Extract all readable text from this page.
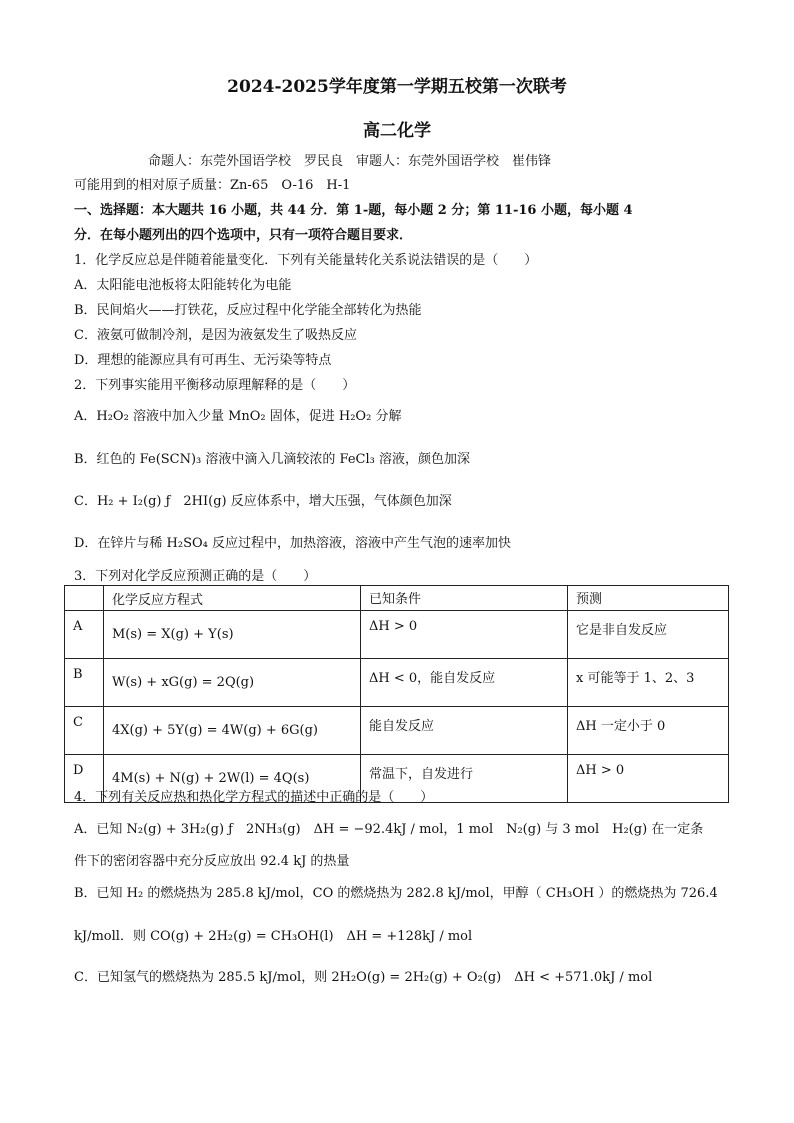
2024-2025学年度第一学期五校第一次联考
高二化学
命题人：东莞外国语学校　罗民良　审题人：东莞外国语学校　崔伟锋
可能用到的相对原子质量：Zn-65　O-16　H-1
一、选择题：本大题共 16 小题，共 44 分．第 1-题，每小题 2 分；第 11-16 小题，每小题 4
分．在每小题列出的四个选项中，只有一项符合题目要求．
1．化学反应总是伴随着能量变化．下列有关能量转化关系说法错误的是（　　）
A．太阳能电池板将太阳能转化为电能
B．民间焰火——打铁花，反应过程中化学能全部转化为热能
C．液氨可做制冷剂，是因为液氨发生了吸热反应
D．理想的能源应具有可再生、无污染等特点
2．下列事实能用平衡移动原理解释的是（　　）
A．H₂O₂ 溶液中加入少量 MnO₂ 固体，促进 H₂O₂ 分解
B．红色的 Fe(SCN)₃ 溶液中滴入几滴较浓的 FeCl₃ 溶液，颜色加深
C．H₂ + I₂(g) ƒ　2HI(g) 反应体系中，增大压强，气体颜色加深
D．在锌片与稀 H₂SO₄ 反应过程中，加热溶液，溶液中产生气泡的速率加快
3．下列对化学反应预测正确的是（　　）
	化学反应方程式	已知条件	预测
A	M(s) = X(g) + Y(s)	ΔH > 0	它是非自发反应
B	W(s) + xG(g) = 2Q(g)	ΔH < 0，能自发反应	x 可能等于 1、2、3
C	4X(g) + 5Y(g) = 4W(g) + 6G(g)	能自发反应	ΔH 一定小于 0
D	4M(s) + N(g) + 2W(l) = 4Q(s)	常温下，自发进行	ΔH > 0
4．下列有关反应热和热化学方程式的描述中正确的是（　　）
A．已知 N₂(g) + 3H₂(g) ƒ　2NH₃(g)　ΔH = −92.4kJ / mol，1 mol　N₂(g) 与 3 mol　H₂(g) 在一定条
件下的密闭容器中充分反应放出 92.4 kJ 的热量
B．已知 H₂ 的燃烧热为 285.8 kJ/mol，CO 的燃烧热为 282.8 kJ/mol，甲醇（ CH₃OH ）的燃烧热为 726.4
kJ/moll．则 CO(g) + 2H₂(g) = CH₃OH(l)　ΔH = +128kJ / mol
C．已知氢气的燃烧热为 285.5 kJ/mol，则 2H₂O(g) = 2H₂(g) + O₂(g)　ΔH < +571.0kJ / mol
